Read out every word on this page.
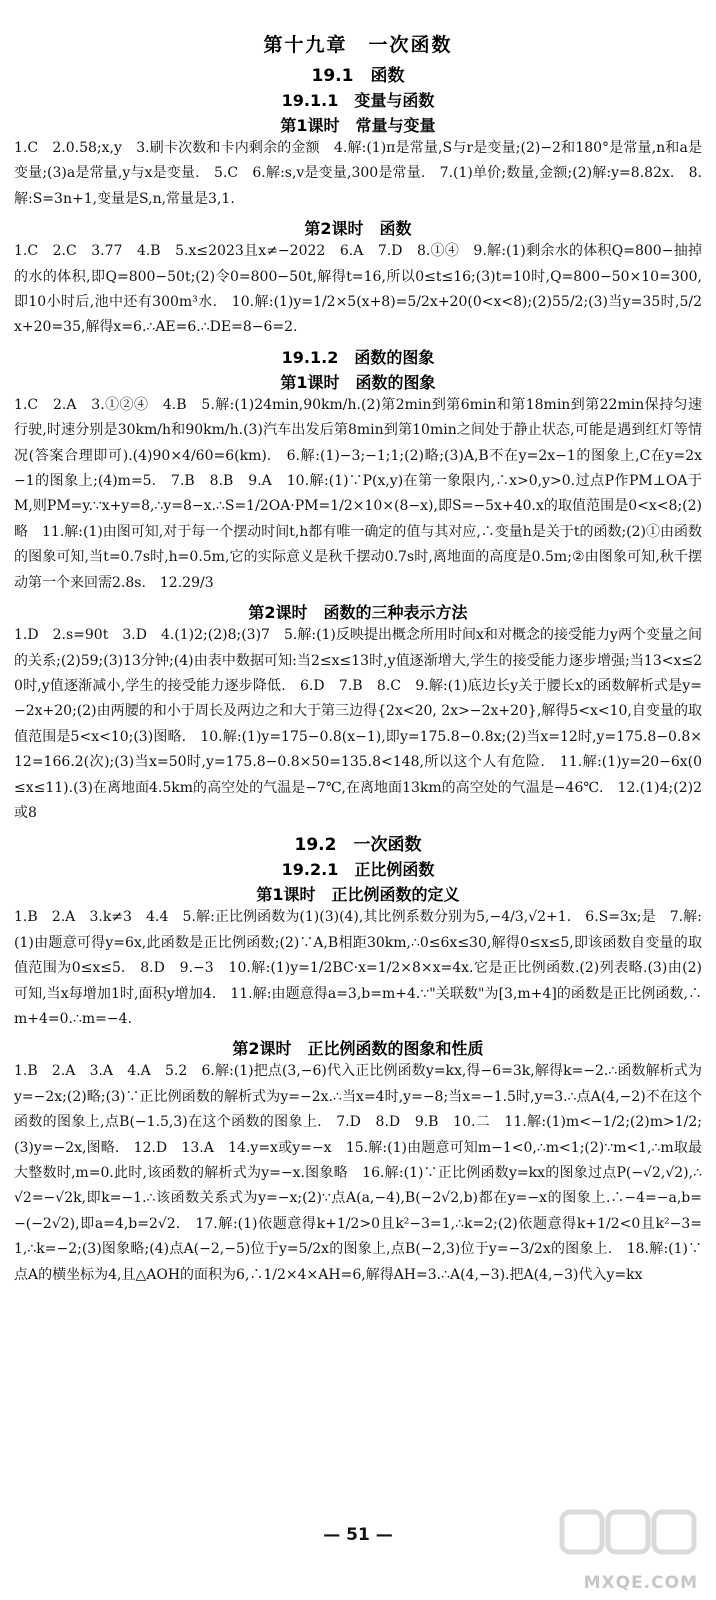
第十九章　一次函数
19.1　函数
19.1.1　变量与函数
第1课时　常量与变量

1.C　2.0.58;x,y　3.刷卡次数和卡内剩余的金额　4.解:(1)π是常量,S与r是变量;(2)−2和180°是常量,n和a是变量;(3)a是常量,y与x是变量.　5.C　6.解:s,v是变量,300是常量.　7.(1)单价;数量,金额;(2)解:y=8.82x.　8.解:S=3n+1,变量是S,n,常量是3,1.

第2课时　函数

1.C　2.C　3.77　4.B　5.x≤2023且x≠−2022　6.A　7.D　8.①④　9.解:(1)剩余水的体积Q=800−抽掉的水的体积,即Q=800−50t;(2)令0=800−50t,解得t=16,所以0≤t≤16;(3)t=10时,Q=800−50×10=300,即10小时后,池中还有300m³水.　10.解:(1)y=1/2×5(x+8)=5/2x+20(0<x<8);(2)55/2;(3)当y=35时,5/2x+20=35,解得x=6.∴AE=6.∴DE=8−6=2.

19.1.2　函数的图象
第1课时　函数的图象

1.C　2.A　3.①②④　4.B　5.解:(1)24min,90km/h.(2)第2min到第6min和第18min到第22min保持匀速行驶,时速分别是30km/h和90km/h.(3)汽车出发后第8min到第10min之间处于静止状态,可能是遇到红灯等情况(答案合理即可).(4)90×4/60=6(km).　6.解:(1)−3;−1;1;(2)略;(3)A,B不在y=2x−1的图象上,C在y=2x−1的图象上;(4)m=5.　7.B　8.B　9.A　10.解:(1)∵P(x,y)在第一象限内,∴x>0,y>0.过点P作PM⊥OA于M,则PM=y.∵x+y=8,∴y=8−x.∴S=1/2OA·PM=1/2×10×(8−x),即S=−5x+40.x的取值范围是0<x<8;(2)略　11.解:(1)由图可知,对于每一个摆动时间t,h都有唯一确定的值与其对应,∴变量h是关于t的函数;(2)①由函数的图象可知,当t=0.7s时,h=0.5m,它的实际意义是秋千摆动0.7s时,离地面的高度是0.5m;②由图象可知,秋千摆动第一个来回需2.8s.　12.29/3

第2课时　函数的三种表示方法

1.D　2.s=90t　3.D　4.(1)2;(2)8;(3)7　5.解:(1)反映提出概念所用时间x和对概念的接受能力y两个变量之间的关系;(2)59;(3)13分钟;(4)由表中数据可知:当2≤x≤13时,y值逐渐增大,学生的接受能力逐步增强;当13<x≤20时,y值逐渐减小,学生的接受能力逐步降低.　6.D　7.B　8.C　9.解:(1)底边长y关于腰长x的函数解析式是y=−2x+20;(2)由两腰的和小于周长及两边之和大于第三边得{2x<20, 2x>−2x+20},解得5<x<10,自变量的取值范围是5<x<10;(3)图略.　10.解:(1)y=175−0.8(x−1),即y=175.8−0.8x;(2)当x=12时,y=175.8−0.8×12=166.2(次);(3)当x=50时,y=175.8−0.8×50=135.8<148,所以这个人有危险.　11.解:(1)y=20−6x(0≤x≤11).(3)在离地面4.5km的高空处的气温是−7℃,在离地面13km的高空处的气温是−46℃.　12.(1)4;(2)2或8

19.2　一次函数
19.2.1　正比例函数
第1课时　正比例函数的定义

1.B　2.A　3.k≠3　4.4　5.解:正比例函数为(1)(3)(4),其比例系数分别为5,−4/3,√2+1.　6.S=3x;是　7.解:(1)由题意可得y=6x,此函数是正比例函数;(2)∵A,B相距30km,∴0≤6x≤30,解得0≤x≤5,即该函数自变量的取值范围为0≤x≤5.　8.D　9.−3　10.解:(1)y=1/2BC·x=1/2×8×x=4x.它是正比例函数.(2)列表略.(3)由(2)可知,当x每增加1时,面积y增加4.　11.解:由题意得a=3,b=m+4.∵"关联数"为[3,m+4]的函数是正比例函数,∴m+4=0.∴m=−4.

第2课时　正比例函数的图象和性质

1.B　2.A　3.A　4.A　5.2　6.解:(1)把点(3,−6)代入正比例函数y=kx,得−6=3k,解得k=−2.∴函数解析式为y=−2x;(2)略;(3)∵正比例函数的解析式为y=−2x.∴当x=4时,y=−8;当x=−1.5时,y=3.∴点A(4,−2)不在这个函数的图象上,点B(−1.5,3)在这个函数的图象上.　7.D　8.D　9.B　10.二　11.解:(1)m<−1/2;(2)m>1/2;(3)y=−2x,图略.　12.D　13.A　14.y=x或y=−x　15.解:(1)由题意可知m−1<0,∴m<1;(2)∵m<1,∴m取最大整数时,m=0.此时,该函数的解析式为y=−x.图象略　16.解:(1)∵正比例函数y=kx的图象过点P(−√2,√2),∴√2=−√2k,即k=−1.∴该函数关系式为y=−x;(2)∵点A(a,−4),B(−2√2,b)都在y=−x的图象上.∴−4=−a,b=−(−2√2),即a=4,b=2√2.　17.解:(1)依题意得k+1/2>0且k²−3=1,∴k=2;(2)依题意得k+1/2<0且k²−3=1,∴k=−2;(3)图象略;(4)点A(−2,−5)位于y=5/2x的图象上,点B(−2,3)位于y=−3/2x的图象上.　18.解:(1)∵点A的横坐标为4,且△AOH的面积为6,∴1/2×4×AH=6,解得AH=3.∴A(4,−3).把A(4,−3)代入y=kx

— 51 —
MXQE.COM
